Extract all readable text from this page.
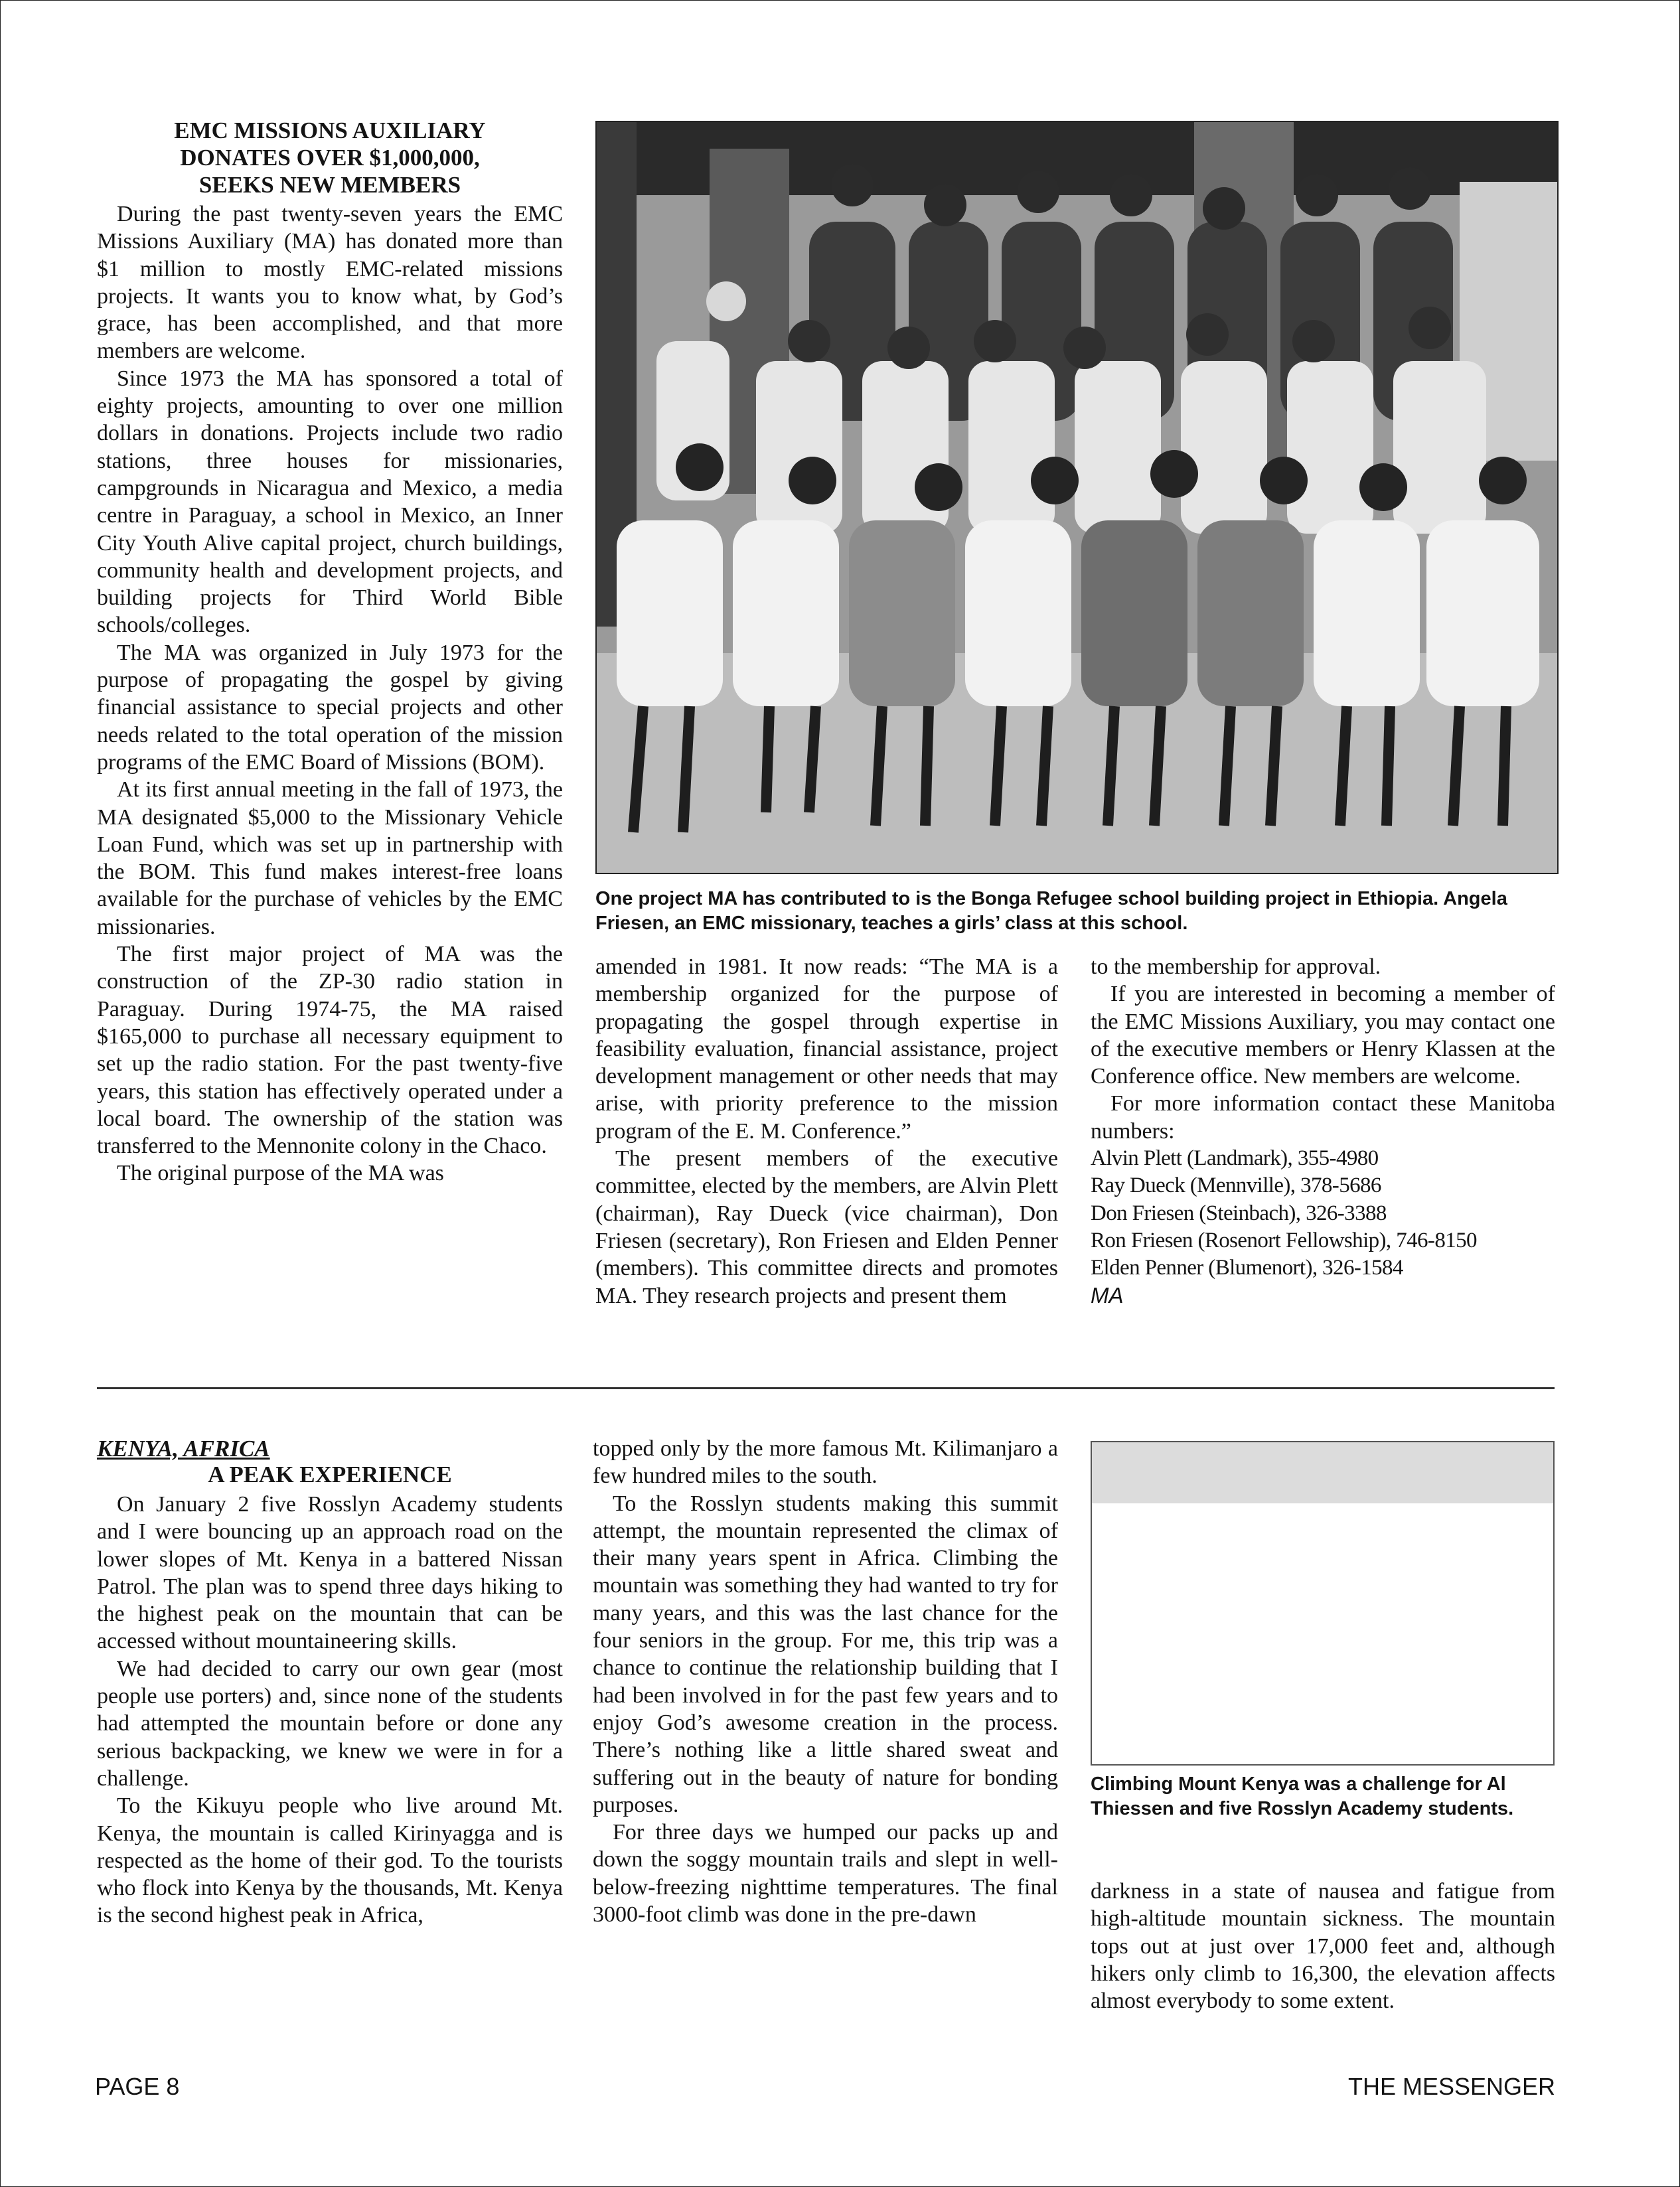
EMC MISSIONS AUXILIARY

DONATES OVER $1,000,000,

SEEKS NEW MEMBERS

During the past twenty-seven years the EMC Missions Auxiliary (MA) has donated more than $1 million to mostly EMC-related missions projects. It wants you to know what, by God’s grace, has been accomplished, and that more members are welcome.

Since 1973 the MA has sponsored a total of eighty projects, amounting to over one million dollars in donations. Projects include two radio stations, three houses for missionaries, campgrounds in Nicaragua and Mexico, a media centre in Paraguay, a school in Mexico, an Inner City Youth Alive capital project, church buildings, community health and development projects, and building projects for Third World Bible schools/colleges.

The MA was organized in July 1973 for the purpose of propagating the gospel by giving financial assistance to special projects and other needs related to the total operation of the mission programs of the EMC Board of Missions (BOM).

At its first annual meeting in the fall of 1973, the MA designated $5,000 to the Missionary Vehicle Loan Fund, which was set up in partnership with the BOM. This fund makes interest-free loans available for the purchase of vehicles by the EMC missionaries.

The first major project of MA was the construction of the ZP-30 radio station in Paraguay. During 1974-75, the MA raised $165,000 to purchase all necessary equipment to set up the radio station. For the past twenty-five years, this station has effectively operated under a local board. The ownership of the station was transferred to the Mennonite colony in the Chaco.

The original purpose of the MA was

One project MA has contributed to is the Bonga Refugee school building project in Ethiopia. Angela Friesen, an EMC missionary, teaches a girls’ class at this school.

amended in 1981. It now reads: “The MA is a membership organized for the purpose of propagating the gospel through expertise in feasibility evaluation, financial assistance, project development management or other needs that may arise, with priority preference to the mission program of the E. M. Conference.”

The present members of the executive committee, elected by the members, are Alvin Plett (chairman), Ray Dueck (vice chairman), Don Friesen (secretary), Ron Friesen and Elden Penner (members). This committee directs and promotes MA. They research projects and present them

to the membership for approval.

If you are interested in becoming a member of the EMC Missions Auxiliary, you may contact one of the executive members or Henry Klassen at the Conference office. New members are welcome.

For more information contact these Manitoba numbers:

Alvin Plett (Landmark), 355-4980
Ray Dueck (Mennville), 378-5686
Don Friesen (Steinbach), 326-3388
Ron Friesen (Rosenort Fellowship), 746-8150
Elden Penner (Blumenort), 326-1584
MA

KENYA, AFRICA

A PEAK EXPERIENCE

On January 2 five Rosslyn Academy students and I were bouncing up an approach road on the lower slopes of Mt. Kenya in a battered Nissan Patrol. The plan was to spend three days hiking to the highest peak on the mountain that can be accessed without mountaineering skills.

We had decided to carry our own gear (most people use porters) and, since none of the students had attempted the mountain before or done any serious backpacking, we knew we were in for a challenge.

To the Kikuyu people who live around Mt. Kenya, the mountain is called Kirinyagga and is respected as the home of their god. To the tourists who flock into Kenya by the thousands, Mt. Kenya is the second highest peak in Africa,

topped only by the more famous Mt. Kilimanjaro a few hundred miles to the south.

To the Rosslyn students making this summit attempt, the mountain represented the climax of their many years spent in Africa. Climbing the mountain was something they had wanted to try for many years, and this was the last chance for the four seniors in the group. For me, this trip was a chance to continue the relationship building that I had been involved in for the past few years and to enjoy God’s awesome creation in the process. There’s nothing like a little shared sweat and suffering out in the beauty of nature for bonding purposes.

For three days we humped our packs up and down the soggy mountain trails and slept in well-below-freezing nighttime temperatures. The final 3000-foot climb was done in the pre-dawn

Climbing Mount Kenya was a challenge for Al Thiessen and five Rosslyn Academy students.

darkness in a state of nausea and fatigue from high-altitude mountain sickness. The mountain tops out at just over 17,000 feet and, although hikers only climb to 16,300, the elevation affects almost everybody to some extent.

PAGE 8	THE MESSENGER
